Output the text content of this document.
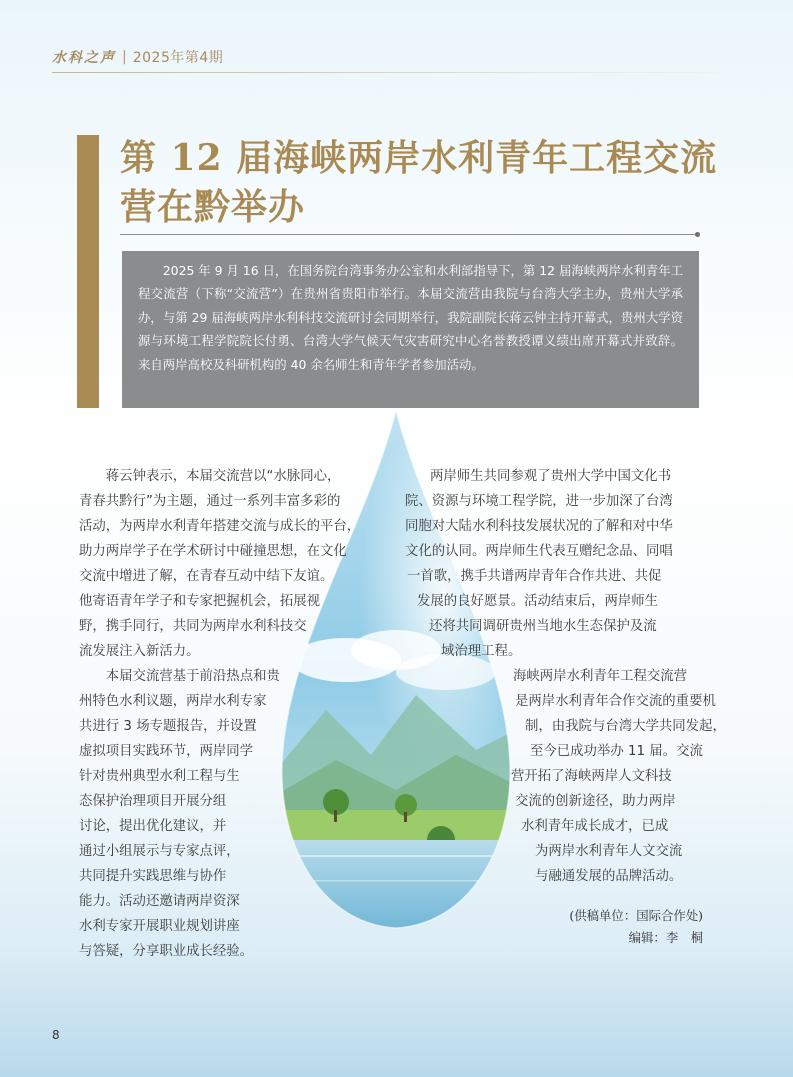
水科之声 | 2025年第4期
第 12 届海峡两岸水利青年工程交流
营在黔举办
2025 年 9 月 16 日，在国务院台湾事务办公室和水利部指导下，第 12 届海峡两岸水利青年工程交流营（下称“交流营”）在贵州省贵阳市举行。本届交流营由我院与台湾大学主办，贵州大学承办，与第 29 届海峡两岸水利科技交流研讨会同期举行，我院副院长蒋云钟主持开幕式，贵州大学资源与环境工程学院院长付勇、台湾大学气候天气灾害研究中心名誉教授谭义绩出席开幕式并致辞。来自两岸高校及科研机构的 40 余名师生和青年学者参加活动。

蒋云钟表示，本届交流营以“水脉同心，
青春共黔行”为主题，通过一系列丰富多彩的
活动，为两岸水利青年搭建交流与成长的平台，
助力两岸学子在学术研讨中碰撞思想，在文化
交流中增进了解，在青春互动中结下友谊。
他寄语青年学子和专家把握机会，拓展视
野，携手同行，共同为两岸水利科技交
流发展注入新活力。

本届交流营基于前沿热点和贵
州特色水利议题，两岸水利专家
共进行 3 场专题报告，并设置
虚拟项目实践环节，两岸同学
针对贵州典型水利工程与生
态保护治理项目开展分组
讨论，提出优化建议，并
通过小组展示与专家点评，
共同提升实践思维与协作
能力。活动还邀请两岸资深
水利专家开展职业规划讲座
与答疑，分享职业成长经验。

两岸师生共同参观了贵州大学中国文化书
院、资源与环境工程学院，进一步加深了台湾
同胞对大陆水利科技发展状况的了解和对中华
文化的认同。两岸师生代表互赠纪念品、同唱
一首歌，携手共谱两岸青年合作共进、共促
发展的良好愿景。活动结束后，两岸师生
还将共同调研贵州当地水生态保护及流
域治理工程。

海峡两岸水利青年工程交流营
是两岸水利青年合作交流的重要机
制，由我院与台湾大学共同发起，
至今已成功举办 11 届。交流
营开拓了海峡两岸人文科技
交流的创新途径，助力两岸
水利青年成长成才，已成
为两岸水利青年人文交流
与融通发展的品牌活动。

(供稿单位：国际合作处)
编辑：李　桐
8
